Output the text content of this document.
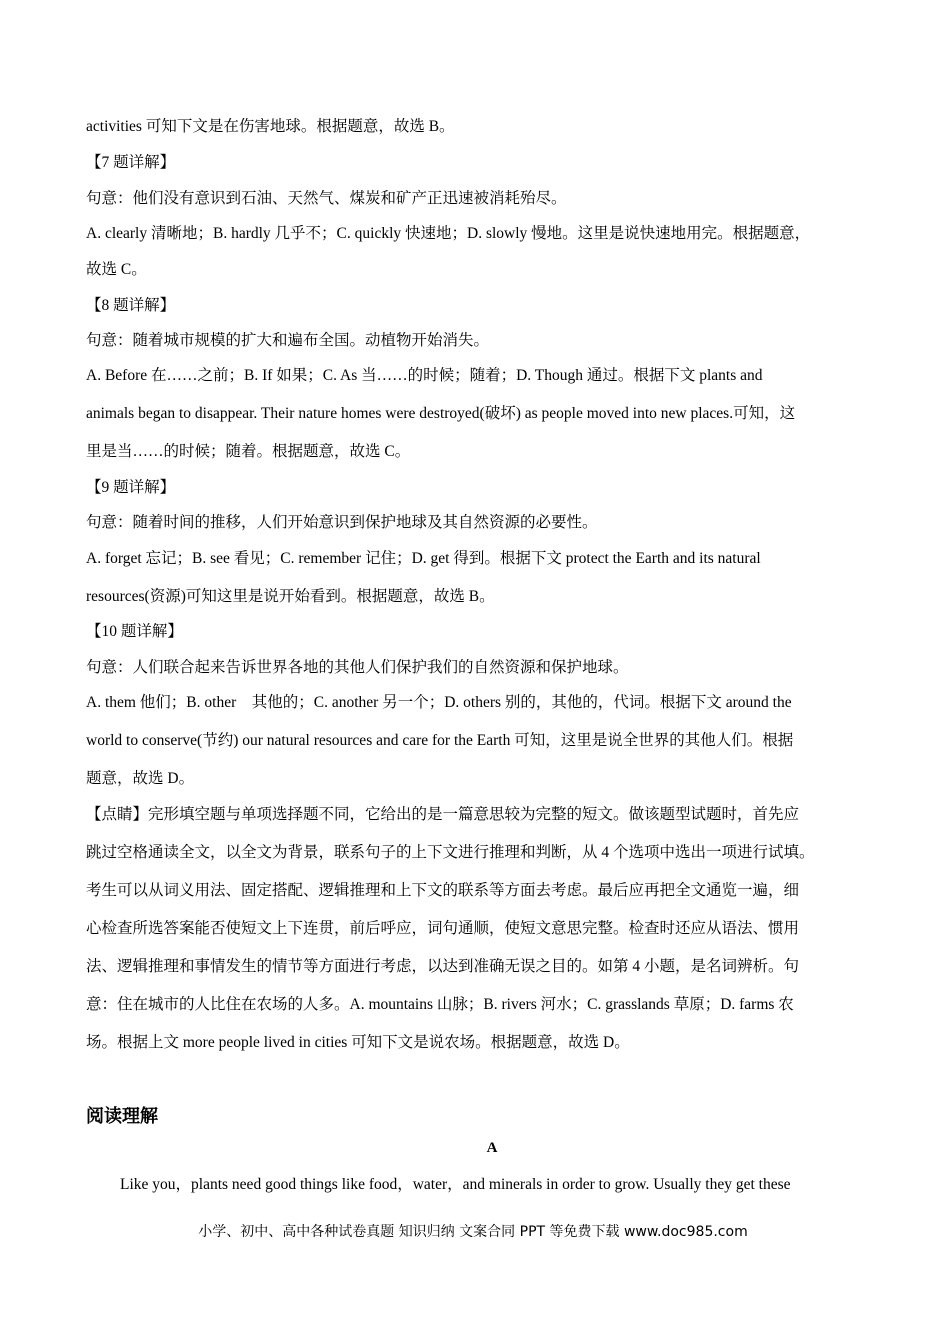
activities 可知下文是在伤害地球。根据题意，故选 B。
【7 题详解】
句意：他们没有意识到石油、天然气、煤炭和矿产正迅速被消耗殆尽。
A. clearly 清晰地；B. hardly 几乎不；C. quickly 快速地；D. slowly 慢地。这里是说快速地用完。根据题意，
故选 C。
【8 题详解】
句意：随着城市规模的扩大和遍布全国。动植物开始消失。
A. Before 在……之前；B. If 如果；C. As 当……的时候；随着；D. Though 通过。根据下文 plants and
animals began to disappear. Their nature homes were destroyed(破坏) as people moved into new places.可知，这
里是当……的时候；随着。根据题意，故选 C。
【9 题详解】
句意：随着时间的推移，人们开始意识到保护地球及其自然资源的必要性。
A. forget 忘记；B. see 看见；C. remember 记住；D. get 得到。根据下文 protect the Earth and its natural
resources(资源)可知这里是说开始看到。根据题意，故选 B。
【10 题详解】
句意：人们联合起来告诉世界各地的其他人们保护我们的自然资源和保护地球。
A. them 他们；B. other　其他的；C. another 另一个；D. others 别的，其他的，代词。根据下文 around the
world to conserve(节约) our natural resources and care for the Earth 可知，这里是说全世界的其他人们。根据
题意，故选 D。
【点睛】完形填空题与单项选择题不同，它给出的是一篇意思较为完整的短文。做该题型试题时，首先应
跳过空格通读全文，以全文为背景，联系句子的上下文进行推理和判断，从 4 个选项中选出一项进行试填。
考生可以从词义用法、固定搭配、逻辑推理和上下文的联系等方面去考虑。最后应再把全文通览一遍，细
心检查所选答案能否使短文上下连贯，前后呼应，词句通顺，使短文意思完整。检查时还应从语法、惯用
法、逻辑推理和事情发生的情节等方面进行考虑，以达到准确无误之目的。如第 4 小题，是名词辨析。句
意：住在城市的人比住在农场的人多。A. mountains 山脉；B. rivers 河水；C. grasslands 草原；D. farms 农
场。根据上文 more people lived in cities 可知下文是说农场。根据题意，故选 D。
阅读理解
A
Like you，plants need good things like food，water，and minerals in order to grow. Usually they get these
小学、初中、高中各种试卷真题 知识归纳 文案合同 PPT 等免费下载 www.doc985.com
